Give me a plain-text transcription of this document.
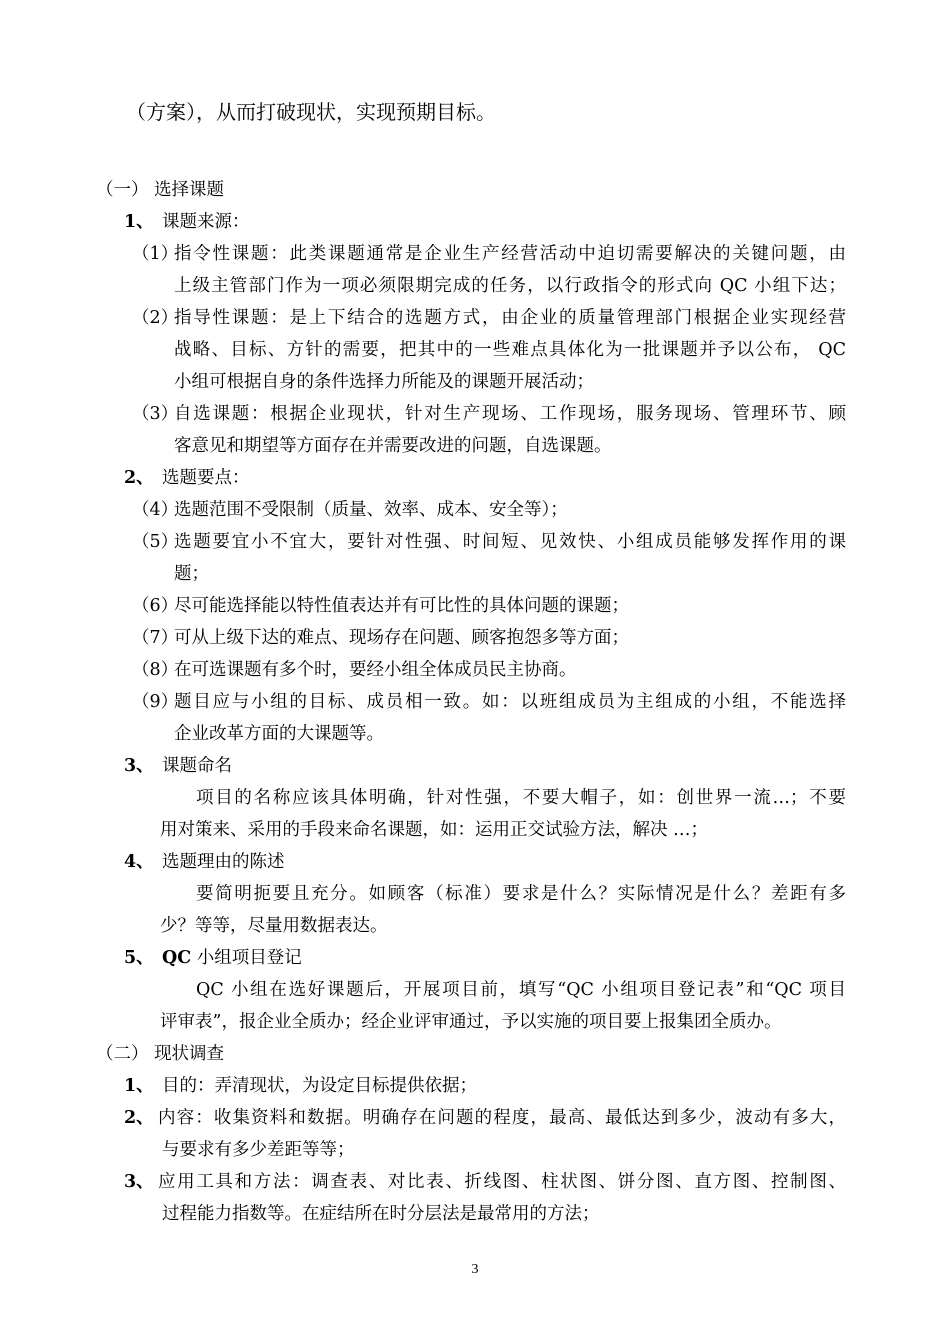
（方案），从而打破现状，实现预期目标。

（一） 选择课题

1、 课题来源：

（1）

指令性课题：此类课题通常是企业生产经营活动中迫切需要解决的关键问题，由

上级主管部门作为一项必须限期完成的任务，以行政指令的形式向 QC 小组下达；

（2）

指导性课题：是上下结合的选题方式，由企业的质量管理部门根据企业实现经营

战略、目标、方针的需要，把其中的一些难点具体化为一批课题并予以公布， QC

小组可根据自身的条件选择力所能及的课题开展活动；

（3）

自选课题：根据企业现状，针对生产现场、工作现场，服务现场、管理环节、顾

客意见和期望等方面存在并需要改进的问题，自选课题。

2、 选题要点：

（4）

选题范围不受限制（质量、效率、成本、安全等）；

（5）

选题要宜小不宜大，要针对性强、时间短、见效快、小组成员能够发挥作用的课

题；

（6）

尽可能选择能以特性值表达并有可比性的具体问题的课题；

（7）

可从上级下达的难点、现场存在问题、顾客抱怨多等方面；

（8）

在可选课题有多个时，要经小组全体成员民主协商。

（9）

题目应与小组的目标、成员相一致。如：以班组成员为主组成的小组，不能选择

企业改革方面的大课题等。

3、 课题命名

项目的名称应该具体明确，针对性强，不要大帽子，如：创世界一流…；不要

用对策来、采用的手段来命名课题，如：运用正交试验方法，解决 …；

4、 选题理由的陈述

要简明扼要且充分。如顾客（标准）要求是什么？实际情况是什么？差距有多

少？等等，尽量用数据表达。

5、 QC 小组项目登记

QC 小组在选好课题后，开展项目前，填写“QC 小组项目登记表”和“QC 项目

评审表”，报企业全质办；经企业评审通过，予以实施的项目要上报集团全质办。

（二） 现状调查

1、 目的：弄清现状，为设定目标提供依据；

2、 内容：收集资料和数据。明确存在问题的程度，最高、最低达到多少，波动有多大，

与要求有多少差距等等；

3、 应用工具和方法：调查表、对比表、折线图、柱状图、饼分图、直方图、控制图、

过程能力指数等。在症结所在时分层法是最常用的方法；

3
